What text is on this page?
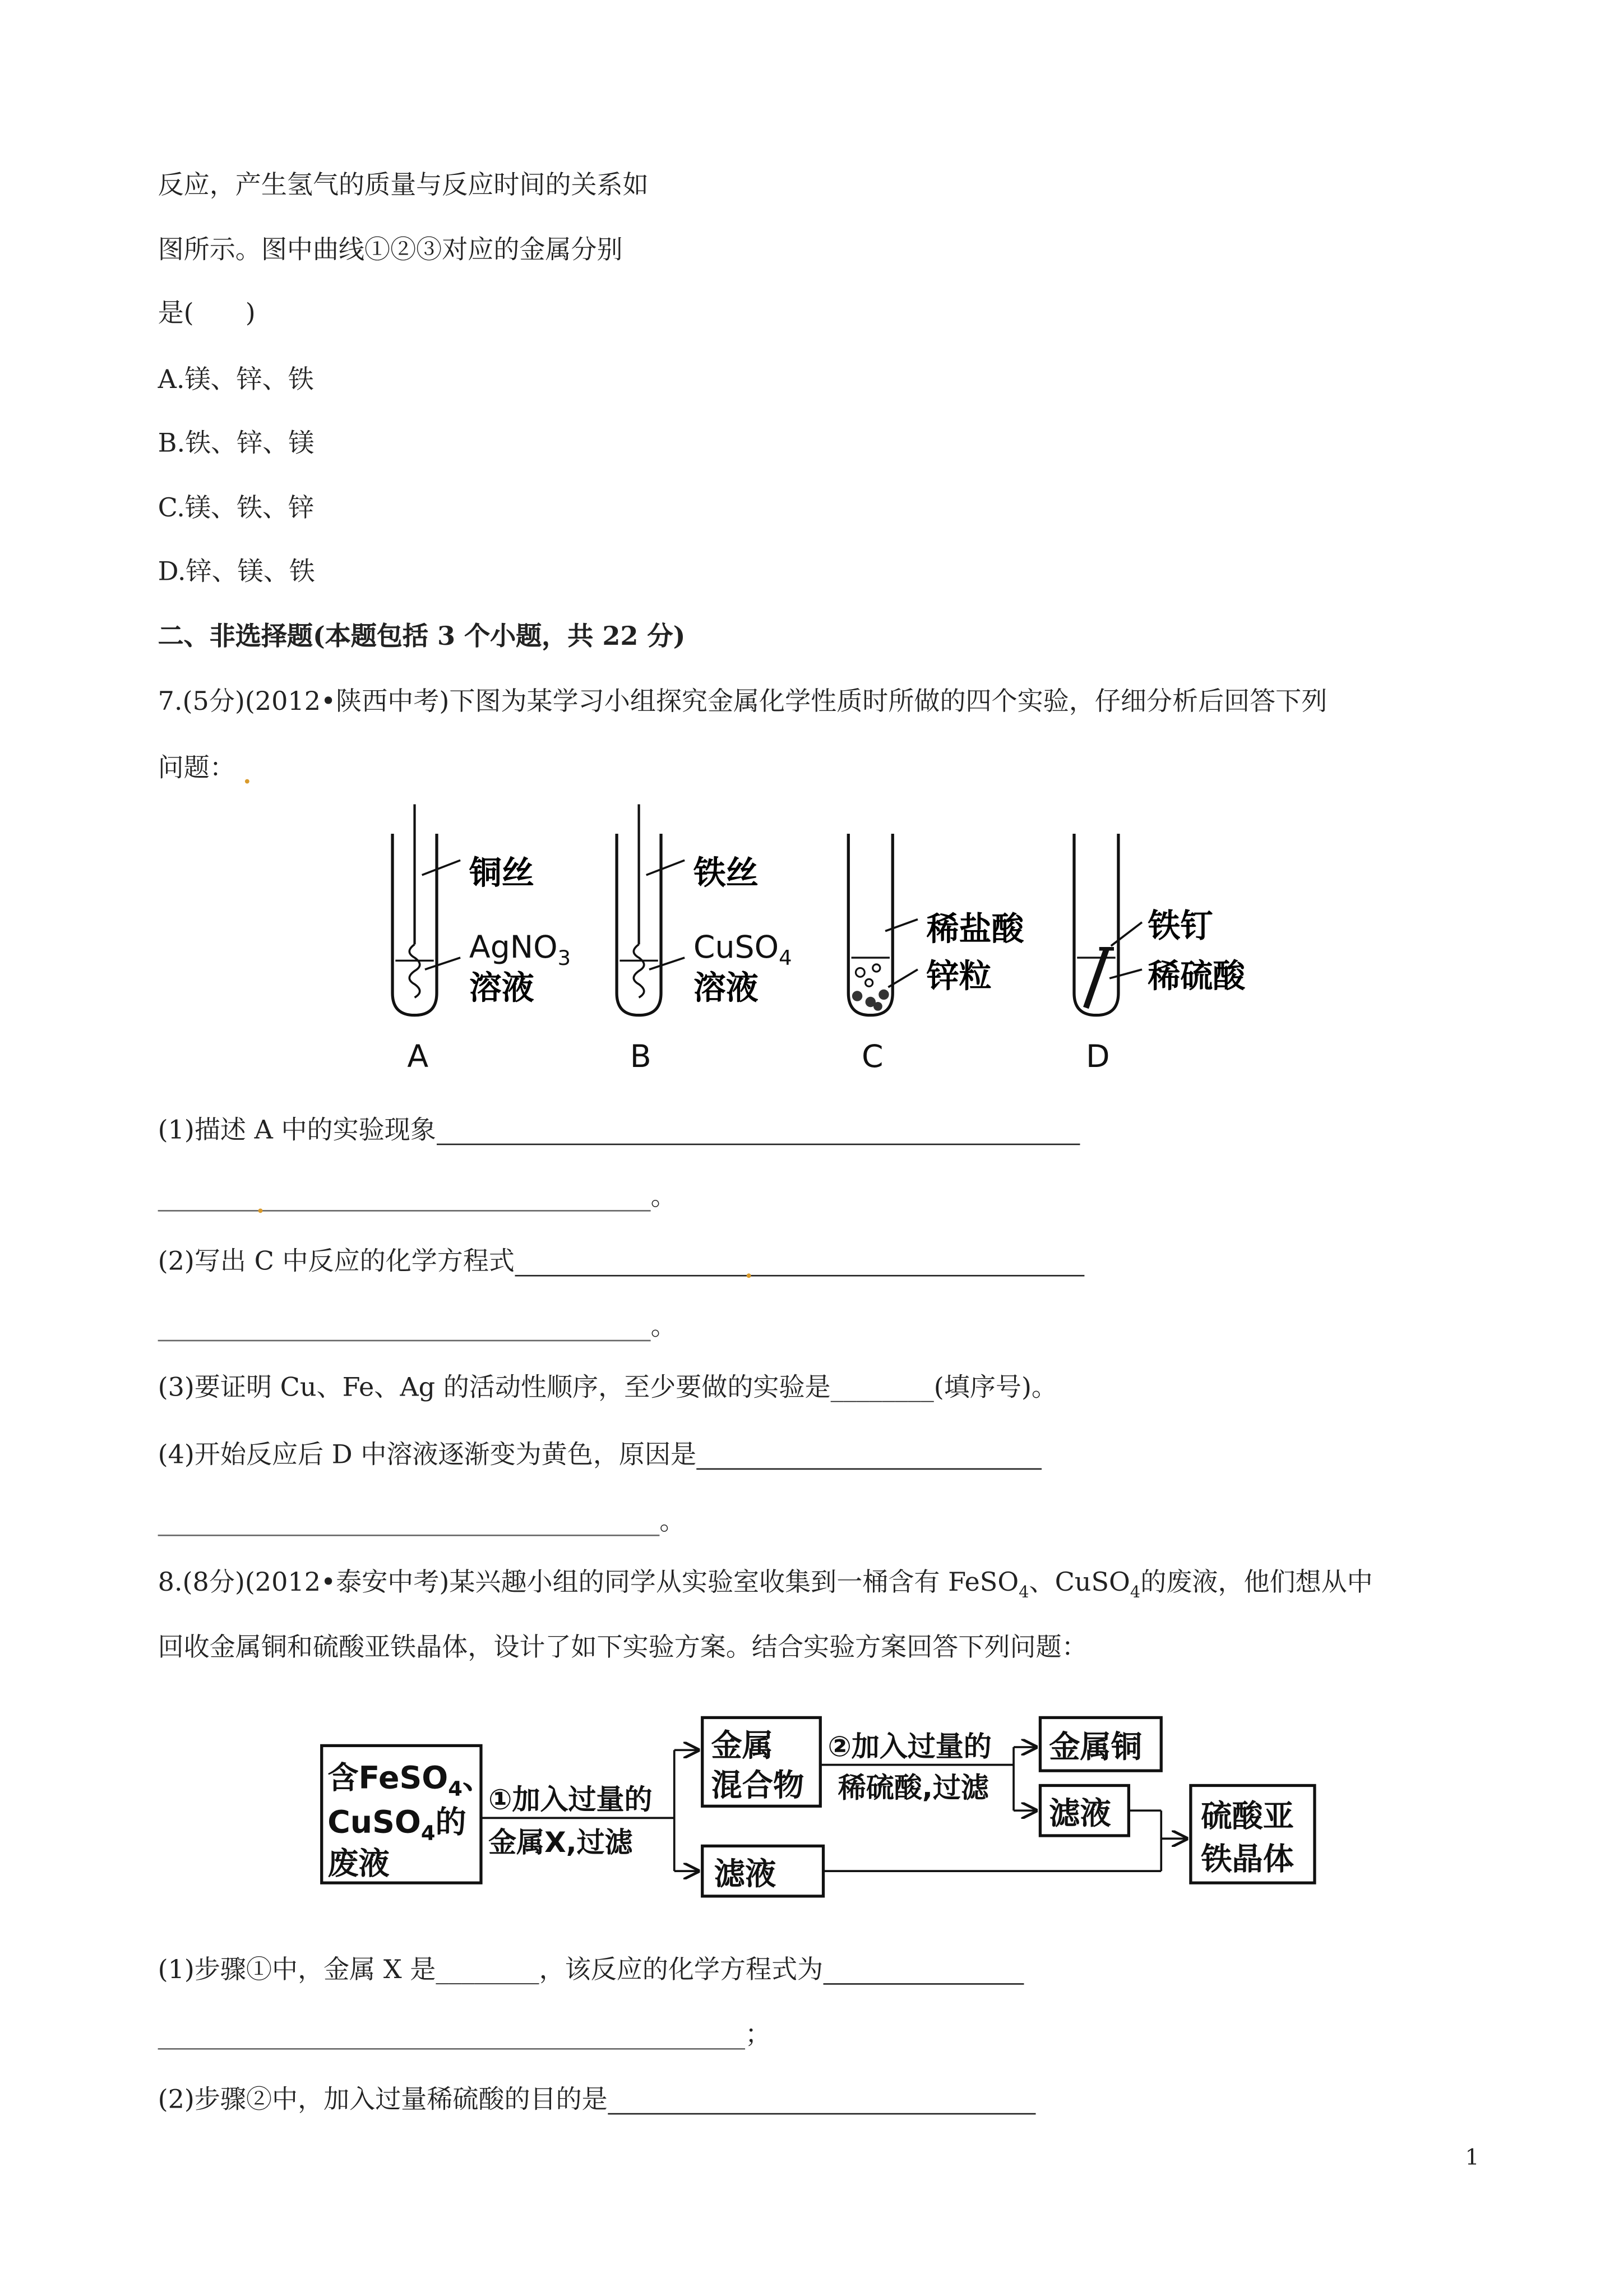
反应，产生氢气的质量与反应时间的关系如
图所示。图中曲线①②③对应的金属分别
是(　　)
A.镁、锌、铁
B.铁、锌、镁
C.镁、铁、锌
D.锌、镁、铁
二、非选择题(本题包括 3 个小题，共 22 分)
7.(5分)(2012•陕西中考)下图为某学习小组探究金属化学性质时所做的四个实验，仔细分析后回答下列
问题：
铜丝
AgNO$_3$
溶液
A
铁丝
CuSO$_4$
溶液
B
稀盐酸
锌粒
C
铁钉
稀硫酸
D
(1)描述 A 中的实验现象
。
(2)写出 C 中反应的化学方程式
。
(3)要证明 Cu、Fe、Ag 的活动性顺序，至少要做的实验是________(填序号)。
(4)开始反应后 D 中溶液逐渐变为黄色，原因是
。
8.(8分)(2012•泰安中考)某兴趣小组的同学从实验室收集到一桶含有 FeSO$_4$、CuSO$_4$的废液，他们想从中
回收金属铜和硫酸亚铁晶体，设计了如下实验方案。结合实验方案回答下列问题：
含FeSO$_4$、
CuSO$_4$的
废液
①加入过量的
金属X,过滤
金属
混合物
②加入过量的
稀硫酸,过滤
金属铜
滤液
滤液
硫酸亚
铁晶体
(1)步骤①中，金属 X 是________，该反应的化学方程式为
；
(2)步骤②中，加入过量稀硫酸的目的是
1
